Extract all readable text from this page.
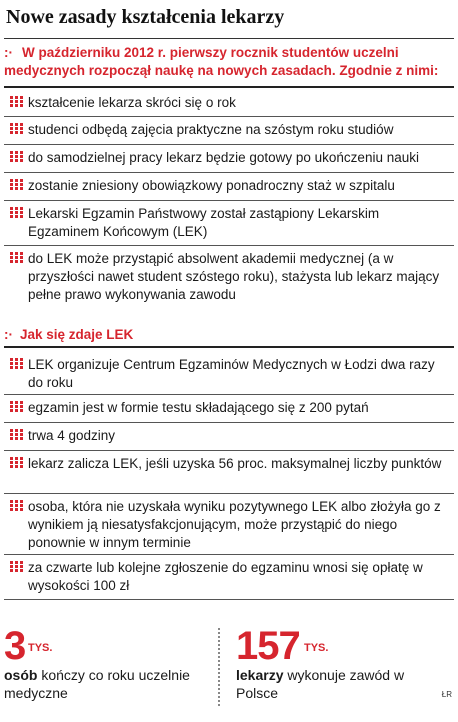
Nowe zasady kształcenia lekarzy
:· W październiku 2012 r. pierwszy rocznik studentów uczelni medycznych rozpoczął naukę na nowych zasadach. Zgodnie z nimi:
kształcenie lekarza skróci się o rok
studenci odbędą zajęcia praktyczne na szóstym roku studiów
do samodzielnej pracy lekarz będzie gotowy po ukończeniu nauki
zostanie zniesiony obowiązkowy ponadroczny staż w szpitalu
Lekarski Egzamin Państwowy został zastąpiony Lekarskim Egzaminem Końcowym (LEK)
do LEK może przystąpić absolwent akademii medycznej (a w przyszłości nawet student szóstego roku), stażysta lub lekarz mający pełne prawo wykonywania zawodu
:· Jak się zdaje LEK
LEK organizuje Centrum Egzaminów Medycznych w Łodzi dwa razy do roku
egzamin jest w formie testu składającego się z 200 pytań
trwa 4 godziny
lekarz zalicza LEK, jeśli uzyska 56 proc. maksymalnej liczby punktów
osoba, która nie uzyskała wyniku pozytywnego LEK albo złożyła go z wynikiem ją niesatysfakcjonującym, może przystąpić do niego ponownie w innym terminie
za czwarte lub kolejne zgłoszenie do egzaminu wnosi się opłatę w wysokości 100 zł
3 TYS.
osób kończy co roku uczelnie medyczne
157 TYS.
lekarzy wykonuje zawód w Polsce	ŁR
